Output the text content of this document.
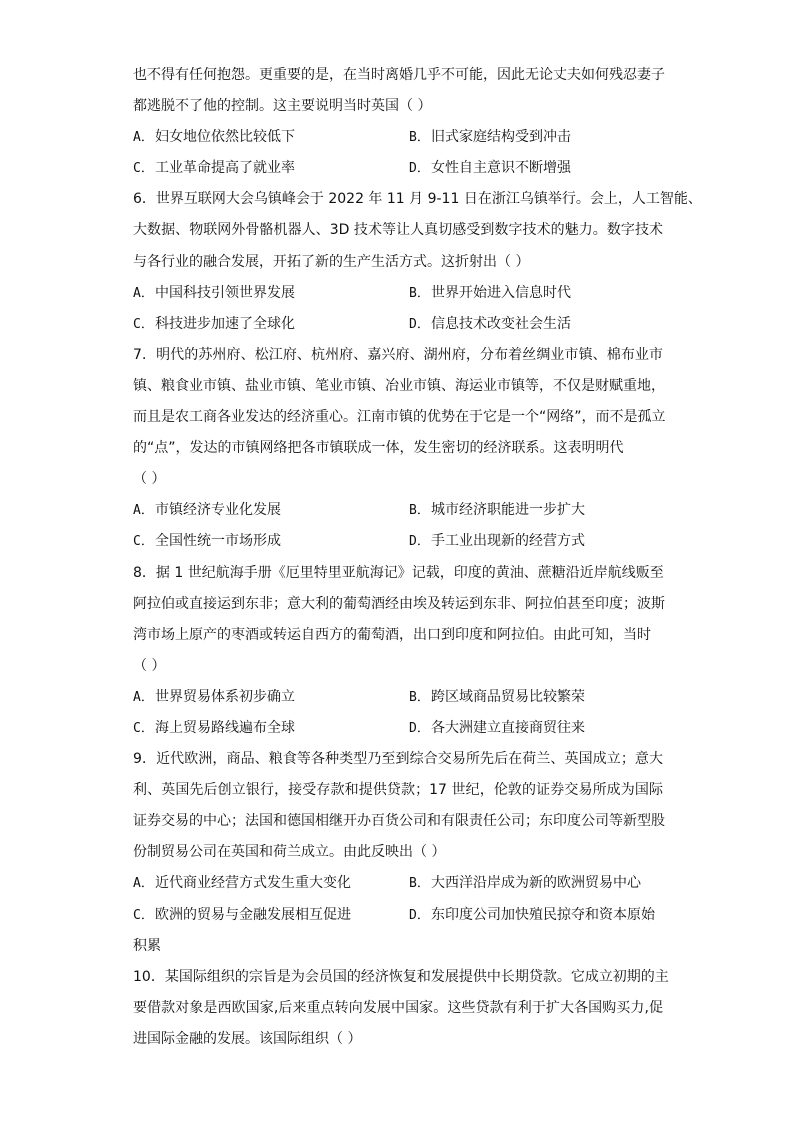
也不得有任何抱怨。更重要的是，在当时离婚几乎不可能，因此无论丈夫如何残忍妻子
都逃脱不了他的控制。这主要说明当时英国（ ）
A．妇女地位依然比较低下	B．旧式家庭结构受到冲击
C．工业革命提高了就业率	D．女性自主意识不断增强
6．世界互联网大会乌镇峰会于 2022 年 11 月 9-11 日在浙江乌镇举行。会上，人工智能、
大数据、物联网外骨骼机器人、3D 技术等让人真切感受到数字技术的魅力。数字技术
与各行业的融合发展，开拓了新的生产生活方式。这折射出（ ）
A．中国科技引领世界发展	B．世界开始进入信息时代
C．科技进步加速了全球化	D．信息技术改变社会生活
7．明代的苏州府、松江府、杭州府、嘉兴府、湖州府，分布着丝绸业市镇、棉布业市
镇、粮食业市镇、盐业市镇、笔业市镇、冶业市镇、海运业市镇等，不仅是财赋重地，
而且是农工商各业发达的经济重心。江南市镇的优势在于它是一个“网络”，而不是孤立
的“点”，发达的市镇网络把各市镇联成一体，发生密切的经济联系。这表明明代
（ ）
A．市镇经济专业化发展	B．城市经济职能进一步扩大
C．全国性统一市场形成	D．手工业出现新的经营方式
8．据 1 世纪航海手册《厄里特里亚航海记》记载，印度的黄油、蔗糖沿近岸航线贩至
阿拉伯或直接运到东非；意大利的葡萄酒经由埃及转运到东非、阿拉伯甚至印度；波斯
湾市场上原产的枣酒或转运自西方的葡萄酒，出口到印度和阿拉伯。由此可知，当时
（ ）
A．世界贸易体系初步确立	B．跨区域商品贸易比较繁荣
C．海上贸易路线遍布全球	D．各大洲建立直接商贸往来
9．近代欧洲，商品、粮食等各种类型乃至到综合交易所先后在荷兰、英国成立；意大
利、英国先后创立银行，接受存款和提供贷款；17 世纪，伦敦的证券交易所成为国际
证券交易的中心；法国和德国相继开办百货公司和有限责任公司；东印度公司等新型股
份制贸易公司在英国和荷兰成立。由此反映出（ ）
A．近代商业经营方式发生重大变化	B．大西洋沿岸成为新的欧洲贸易中心
C．欧洲的贸易与金融发展相互促进	D．东印度公司加快殖民掠夺和资本原始
积累
10．某国际组织的宗旨是为会员国的经济恢复和发展提供中长期贷款。它成立初期的主
要借款对象是西欧国家,后来重点转向发展中国家。这些贷款有利于扩大各国购买力,促
进国际金融的发展。该国际组织（ ）
